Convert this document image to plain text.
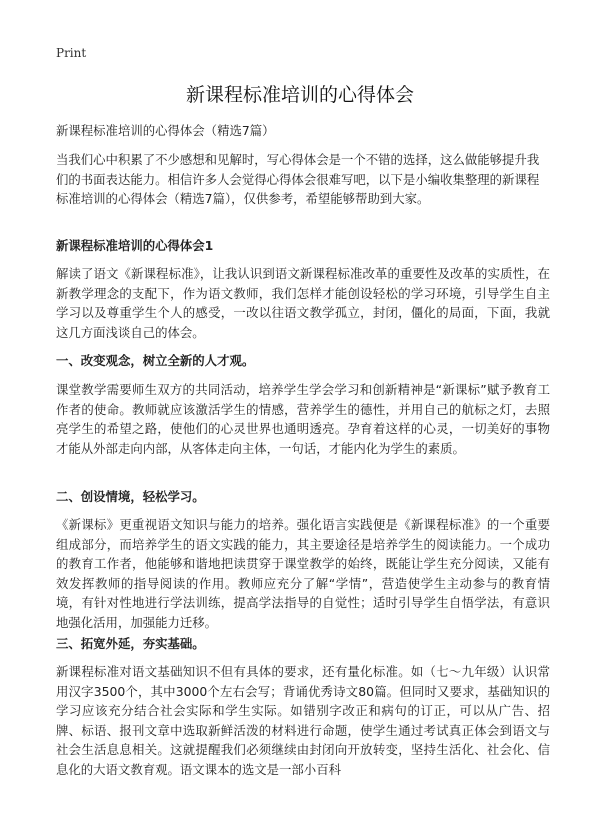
Print
新课程标准培训的心得体会

新课程标准培训的心得体会（精选7篇）

当我们心中积累了不少感想和见解时，写心得体会是一个不错的选择，这么做能够提升我们的书面表达能力。相信许多人会觉得心得体会很难写吧，以下是小编收集整理的新课程标准培训的心得体会（精选7篇），仅供参考，希望能够帮助到大家。

新课程标准培训的心得体会1

解读了语文《新课程标准》，让我认识到语文新课程标准改革的重要性及改革的实质性，在新教学理念的支配下，作为语文教师，我们怎样才能创设轻松的学习环境，引导学生自主学习以及尊重学生个人的感受，一改以往语文教学孤立，封闭，僵化的局面，下面，我就这几方面浅谈自己的体会。

一、改变观念，树立全新的人才观。

课堂教学需要师生双方的共同活动，培养学生学会学习和创新精神是“新课标”赋予教育工作者的使命。教师就应该激活学生的情感，营养学生的德性，并用自己的航标之灯，去照亮学生的希望之路，使他们的心灵世界也通明透亮。孕育着这样的心灵，一切美好的事物才能从外部走向内部，从客体走向主体，一句话，才能内化为学生的素质。

二、创设情境，轻松学习。

《新课标》更重视语文知识与能力的培养。强化语言实践便是《新课程标准》的一个重要组成部分，而培养学生的语文实践的能力，其主要途径是培养学生的阅读能力。一个成功的教育工作者，他能够和谐地把读贯穿于课堂教学的始终，既能让学生充分阅读，又能有效发挥教师的指导阅读的作用。教师应充分了解“学情”，营造使学生主动参与的教育情境，有针对性地进行学法训练，提高学法指导的自觉性；适时引导学生自悟学法，有意识地强化活用，加强能力迁移。

三、拓宽外延，夯实基础。

新课程标准对语文基础知识不但有具体的要求，还有量化标准。如（七～九年级）认识常用汉字3500个，其中3000个左右会写；背诵优秀诗文80篇。但同时又要求，基础知识的学习应该充分结合社会实际和学生实际。如错别字改正和病句的订正，可以从广告、招牌、标语、报刊文章中选取新鲜活泼的材料进行命题，使学生通过考试真正体会到语文与社会生活息息相关。这就提醒我们必须继续由封闭向开放转变，坚持生活化、社会化、信息化的大语文教育观。语文课本的选文是一部小百科
